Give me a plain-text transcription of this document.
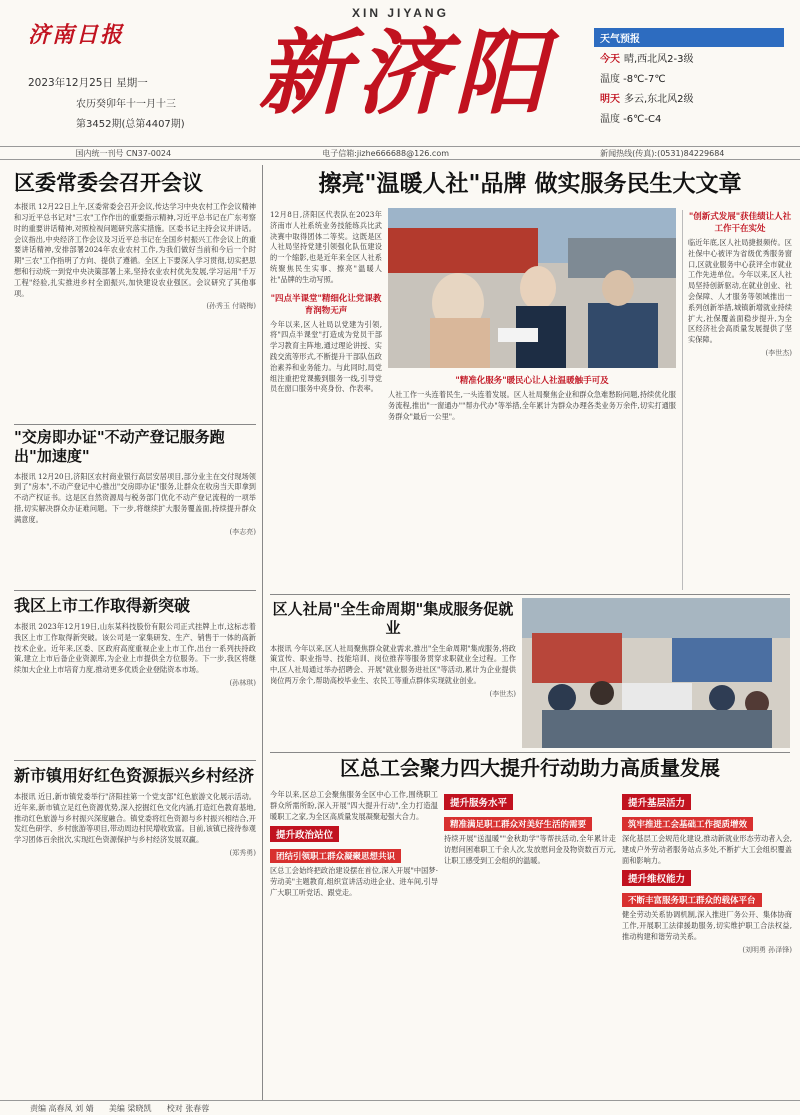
济南日报
2023年12月25日 星期一
农历癸卯年十一月十三
第3452期(总第4407期)
XIN JIYANG
新济阳	天气预报
今天 晴,西北风2-3级
温度 -8℃-7℃
明天 多云,东北风2级
温度 -6℃-C4
国内统一刊号 CN37-0024	电子信箱:jizhe666688@126.com	新闻热线(传真):(0531)84229684
区委常委会召开会议
本报讯 12月22日上午,区委常委会召开会议,传达学习中央农村工作会议精神和习近平总书记对"三农"工作作出的重要指示精神,习近平总书记在广东考察时的重要讲话精神,对照检视问题研究落实措施。区委书记主持会议并讲话。会议指出,中央经济工作会议及习近平总书记在全国乡村振兴工作会议上的重要讲话精神,安排部署2024年农业农村工作,为我们做好当前和今后一个时期"三农"工作指明了方向、提供了遵循。全区上下要深入学习贯彻,切实把思想和行动统一到党中央决策部署上来,坚持农业农村优先发展,学习运用"千万工程"经验,扎实推进乡村全面振兴,加快建设农业强区。会议研究了其他事项。
(孙秀玉 付晓梅)
"交房即办证"不动产登记服务跑出"加速度"
本报讯 12月20日,济阳区农村商业银行高层安居项目,部分业主在交付现场领到了"房本",不动产登记中心推出"交房即办证"服务,让群众在收房当天即拿到不动产权证书。这是区自然资源局与税务部门优化不动产登记流程的一项举措,切实解决群众办证难问题。下一步,将继续扩大服务覆盖面,持续提升群众满意度。
(李志亮)
我区上市工作取得新突破
本报讯 2023年12月19日,山东某科技股份有限公司正式挂牌上市,这标志着我区上市工作取得新突破。该公司是一家集研发、生产、销售于一体的高新技术企业。近年来,区委、区政府高度重视企业上市工作,出台一系列扶持政策,建立上市后备企业资源库,为企业上市提供全方位服务。下一步,我区将继续加大企业上市培育力度,推动更多优质企业登陆资本市场。
(孙林琪)
新市镇用好红色资源振兴乡村经济
本报讯 近日,新市镇党委举行"济阳挂第一个党支部"红色旅游文化展示活动。近年来,新市镇立足红色资源优势,深入挖掘红色文化内涵,打造红色教育基地,推动红色旅游与乡村振兴深度融合。镇党委将红色资源与乡村振兴相结合,开发红色研学、乡村旅游等项目,带动周边村民增收致富。目前,该镇已接待参观学习团体百余批次,实现红色资源保护与乡村经济发展双赢。
(郑秀勇)
擦亮"温暖人社"品牌 做实服务民生大文章
12月8日,济阳区代表队在2023年济南市人社系统业务技能练兵比武决赛中取得团体二等奖。这既是区人社局坚持党建引领强化队伍建设的一个缩影,也是近年来全区人社系统聚焦民生实事、擦亮"温暖人社"品牌的生动写照。
"四点半课堂"精细化让党课教育润物无声
今年以来,区人社局以党建为引领,将"四点半课堂"打造成为党员干部学习教育主阵地,通过理论讲授、实践交流等形式,不断提升干部队伍政治素养和业务能力。与此同时,局党组注重把党课搬到服务一线,引导党员在窗口服务中亮身份、作表率。
"精准化服务"暖民心让人社温暖触手可及
人社工作一头连着民生,一头连着发展。区人社局聚焦企业和群众急难愁盼问题,持续优化服务流程,推出"一窗通办""帮办代办"等举措,全年累计为群众办理各类业务万余件,切实打通服务群众"最后一公里"。
"创新式发展"获佳绩让人社工作干在实处
临近年底,区人社局捷报频传。区社保中心被评为省级优秀服务窗口,区就业服务中心获评全市就业工作先进单位。今年以来,区人社局坚持创新驱动,在就业创业、社会保障、人才服务等领域推出一系列创新举措,城镇新增就业持续扩大,社保覆盖面稳步提升,为全区经济社会高质量发展提供了坚实保障。
(李世杰)
区人社局"全生命周期"集成服务促就业
本报讯 今年以来,区人社局聚焦群众就业需求,推出"全生命周期"集成服务,将政策宣传、职业指导、技能培训、岗位推荐等服务贯穿求职就业全过程。工作中,区人社局通过举办招聘会、开展"就业服务进社区"等活动,累计为企业提供岗位两万余个,帮助高校毕业生、农民工等重点群体实现就业创业。
(李世杰)
区总工会聚力四大提升行动助力高质量发展
今年以来,区总工会聚焦服务全区中心工作,围绕职工群众所需所盼,深入开展"四大提升行动",全力打造温暖职工之家,为全区高质量发展凝聚起强大合力。
提升政治站位
团结引领职工群众凝聚思想共识
区总工会始终把政治建设摆在首位,深入开展"中国梦·劳动美"主题教育,组织宣讲活动进企业、进车间,引导广大职工听党话、跟党走。
提升服务水平
精准满足职工群众对美好生活的需要
持续开展"送温暖""金秋助学"等帮扶活动,全年累计走访慰问困难职工千余人次,发放慰问金及物资数百万元,让职工感受到工会组织的温暖。
提升基层活力
筑牢推进工会基础工作提质增效
深化基层工会规范化建设,推动新就业形态劳动者入会,建成户外劳动者服务站点多处,不断扩大工会组织覆盖面和影响力。
提升维权能力
不断丰富服务职工群众的载体平台
健全劳动关系协调机制,深入推进厂务公开、集体协商工作,开展职工法律援助服务,切实维护职工合法权益,推动构建和谐劳动关系。
(刘明勇 孙泽锋)
责编 高春凤 刘 婧 美编 梁晓凯 校对 张春蓉
